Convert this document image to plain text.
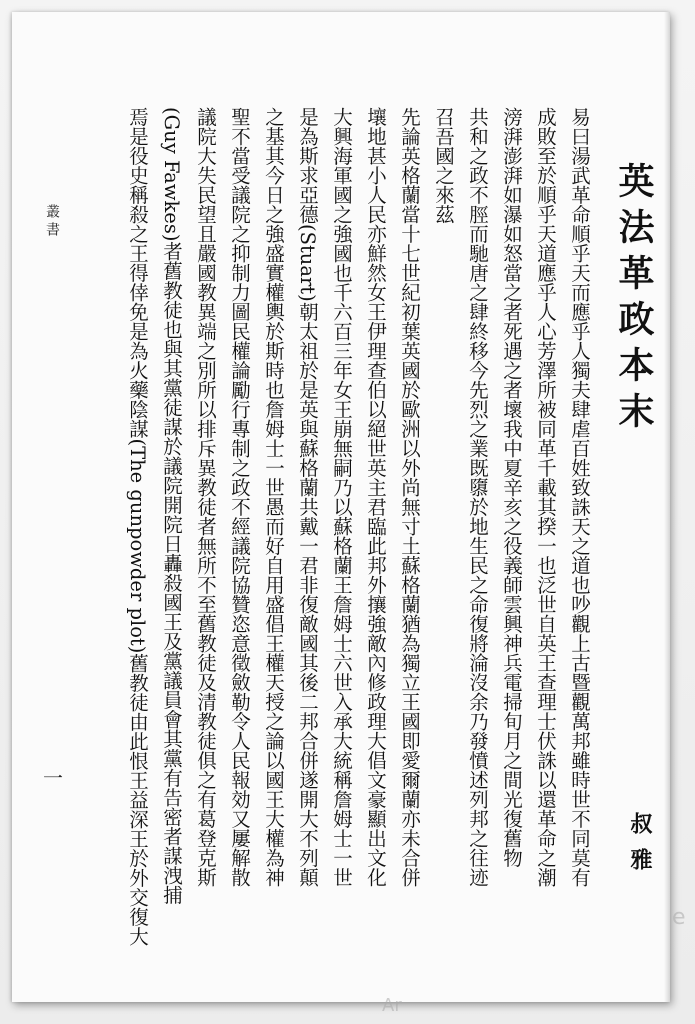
英法革政本末
叔雅
易曰湯武革命順乎天而應乎人獨夫肆虐百姓致誅天之道也吵觀上古暨觀萬邦雖時世不同莫有
成敗至於順乎天道應乎人心芳澤所被同革千載其揆一也泛世自英王查理士伏誅以還革命之潮
滂湃澎湃如瀑如怒當之者死遇之者壞我中夏辛亥之役義師雲興神兵電掃旬月之間光復舊物
共和之政不脛而馳唐之肆終移今先烈之業既隳於地生民之命復將淪沒余乃發憤述列邦之往迹
召吾國之來茲
先論英格蘭當十七世紀初葉英國於歐洲以外尚無寸土蘇格蘭猶為獨立王國即愛爾蘭亦未合併
壤地甚小人民亦鮮然女王伊理查伯以絕世英主君臨此邦外攘強敵內修政理大倡文豪顯出文化
大興海軍國之強國也千六百三年女王崩無嗣乃以蘇格蘭王詹姆士六世入承大統稱詹姆士一世
是為斯求亞德(Stuart)朝太祖於是英與蘇格蘭共戴一君非復敵國其後二邦合併遂開大不列顛
之基其今日之強盛實權輿於斯時也詹姆士一世愚而好自用盛倡王權天授之論以國王大權為神
聖不當受議院之抑制力圖民權論勵行專制之政不經議院協贊恣意徵斂勒令人民報効又屢解散
議院大失民望且嚴國教異端之別所以排斥異教徒者無所不至舊教徒及清教徒俱之有葛登克斯
(Guy Fawkes)者舊教徒也與其黨徒謀於議院開院日轟殺國王及黨議員會其黨有告密者謀洩捕
焉是役史稱殺之王得倖免是為火藥陰謀(The gunpowder plot)舊教徒由此恨王益深王於外交復大
叢書
一
Ar
e
